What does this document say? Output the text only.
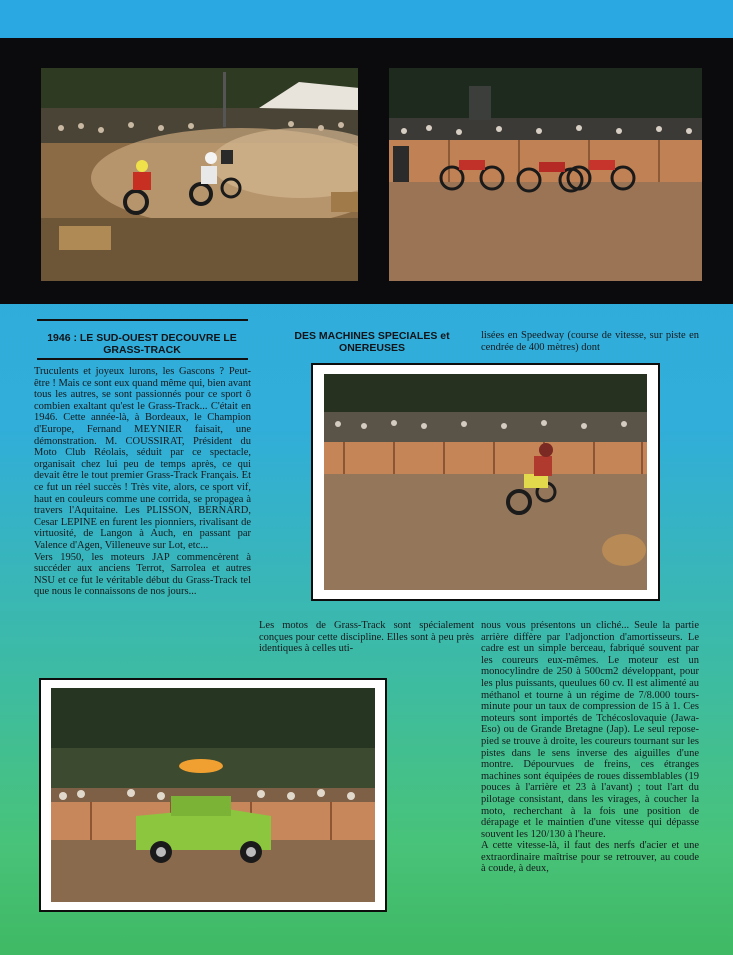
1946 : LE SUD-OUEST DECOUVRE LE GRASS-TRACK

Truculents et joyeux lurons, les Gascons ? Peut-être ! Mais ce sont eux quand même qui, bien avant tous les autres, se sont passionnés pour ce sport ô combien exaltant qu'est le Grass-Track... C'était en 1946. Cette année-là, à Bordeaux, le Champion d'Europe, Fernand MEYNIER faisait, une démonstration. M. COUSSIRAT, Président du Moto Club Réolais, séduit par ce spectacle, organisait chez lui peu de temps après, ce qui devait être le tout premier Grass-Track Français. Et ce fut un réel succès ! Très vite, alors, ce sport vif, haut en couleurs comme une corrida, se propagea à travers l'Aquitaine. Les PLISSON, BERNARD, Cesar LEPINE en furent les pionniers, rivalisant de virtuosité, de Langon à Auch, en passant par Valence d'Agen, Villeneuve sur Lot, etc...

Vers 1950, les moteurs JAP commencèrent à succéder aux anciens Terrot, Sarrolea et autres NSU et ce fut le véritable début du Grass-Track tel que nous le connaissons de nos jours...

DES MACHINES SPECIALES et ONEREUSES
lisées en Speedway (course de vitesse, sur piste en cendrée de 400 mètres) dont
Les motos de Grass-Track sont spécialement conçues pour cette discipline. Elles sont à peu près identiques à celles uti-

nous vous présentons un cliché... Seule la partie arrière diffère par l'adjonction d'amortisseurs. Le cadre est un simple berceau, fabriqué souvent par les coureurs eux-mêmes. Le moteur est un monocylindre de 250 à 500cm2 développant, pour les plus puissants, queulues 60 cv. Il est alimenté au méthanol et tourne à un régime de 7/8.000 tours-minute pour un taux de compression de 15 à 1. Ces moteurs sont importés de Tchécoslovaquie (Jawa-Eso) ou de Grande Bretagne (Jap). Le seul repose-pied se trouve à droite, les coureurs tournant sur les pistes dans le sens inverse des aiguilles d'une montre. Dépourvues de freins, ces étranges machines sont équipées de roues dissemblables (19 pouces à l'arrière et 23 à l'avant) ; tout l'art du pilotage consistant, dans les virages, à coucher la moto, recherchant à la fois une position de dérapage et le maintien d'une vitesse qui dépasse souvent les 120/130 à l'heure.

A cette vitesse-là, il faut des nerfs d'acier et une extraordinaire maîtrise pour se retrouver, au coude à coude, à deux,
